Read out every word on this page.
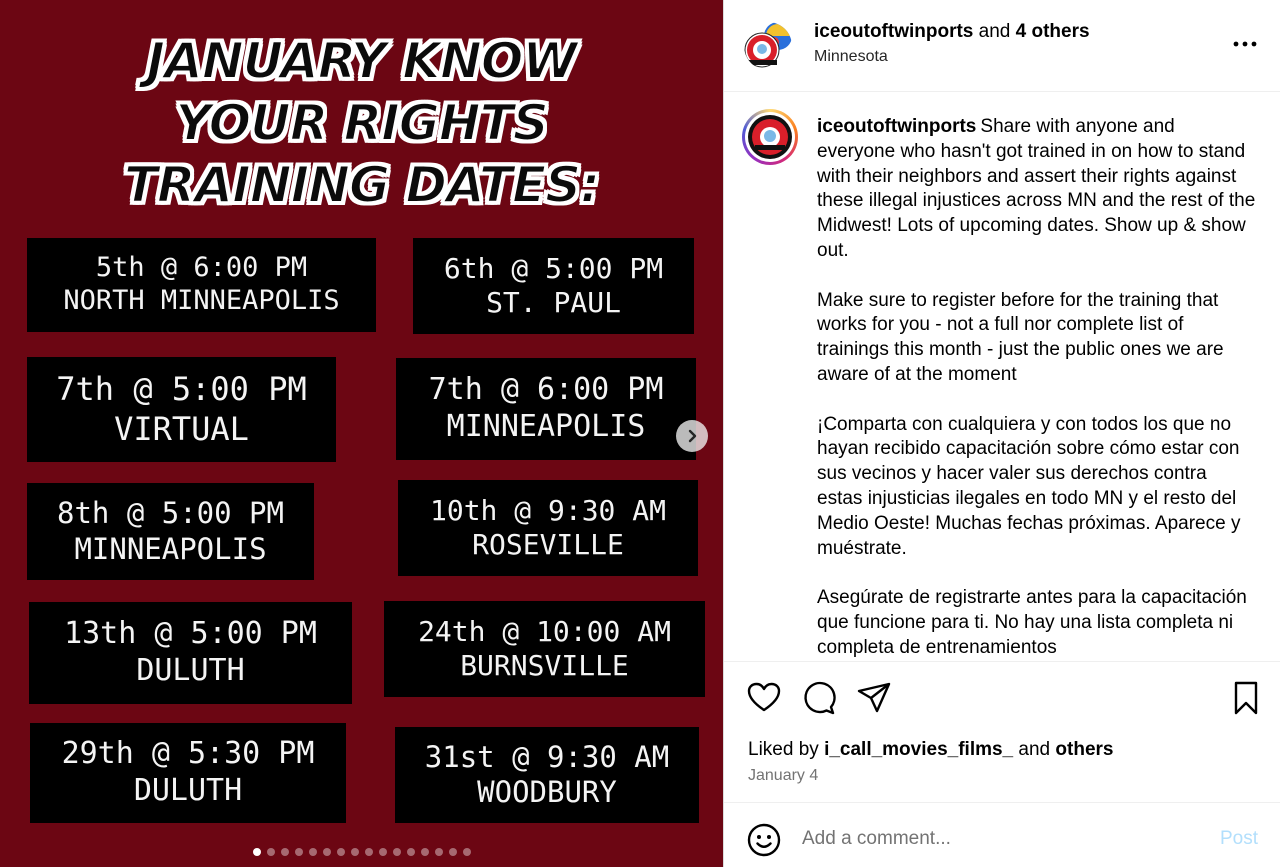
JANUARY KNOW
YOUR RIGHTS
TRAINING DATES:
5th @ 6:00 PM
NORTH MINNEAPOLIS
6th @ 5:00 PM
ST. PAUL
7th @ 5:00 PM
VIRTUAL
7th @ 6:00 PM
MINNEAPOLIS
8th @ 5:00 PM
MINNEAPOLIS
10th @ 9:30 AM
ROSEVILLE
13th @ 5:00 PM
DULUTH
24th @ 10:00 AM
BURNSVILLE
29th @ 5:30 PM
DULUTH
31st @ 9:30 AM
WOODBURY
iceoutoftwinports and 4 others
Minnesota

iceoutoftwinports Share with anyone and everyone who hasn't got trained in on how to stand with their neighbors and assert their rights against these illegal injustices across MN and the rest of the Midwest! Lots of upcoming dates. Show up & show out.

Make sure to register before for the training that works for you - not a full nor complete list of trainings this month - just the public ones we are aware of at the moment

¡Comparta con cualquiera y con todos los que no hayan recibido capacitación sobre cómo estar con sus vecinos y hacer valer sus derechos contra estas injusticias ilegales en todo MN y el resto del Medio Oeste! Muchas fechas próximas. Aparece y muéstrate.

Asegúrate de registrarte antes para la capacitación que funcione para ti. No hay una lista completa ni completa de entrenamientos

Liked by i_call_movies_films_ and others
January 4
Add a comment...
Post
